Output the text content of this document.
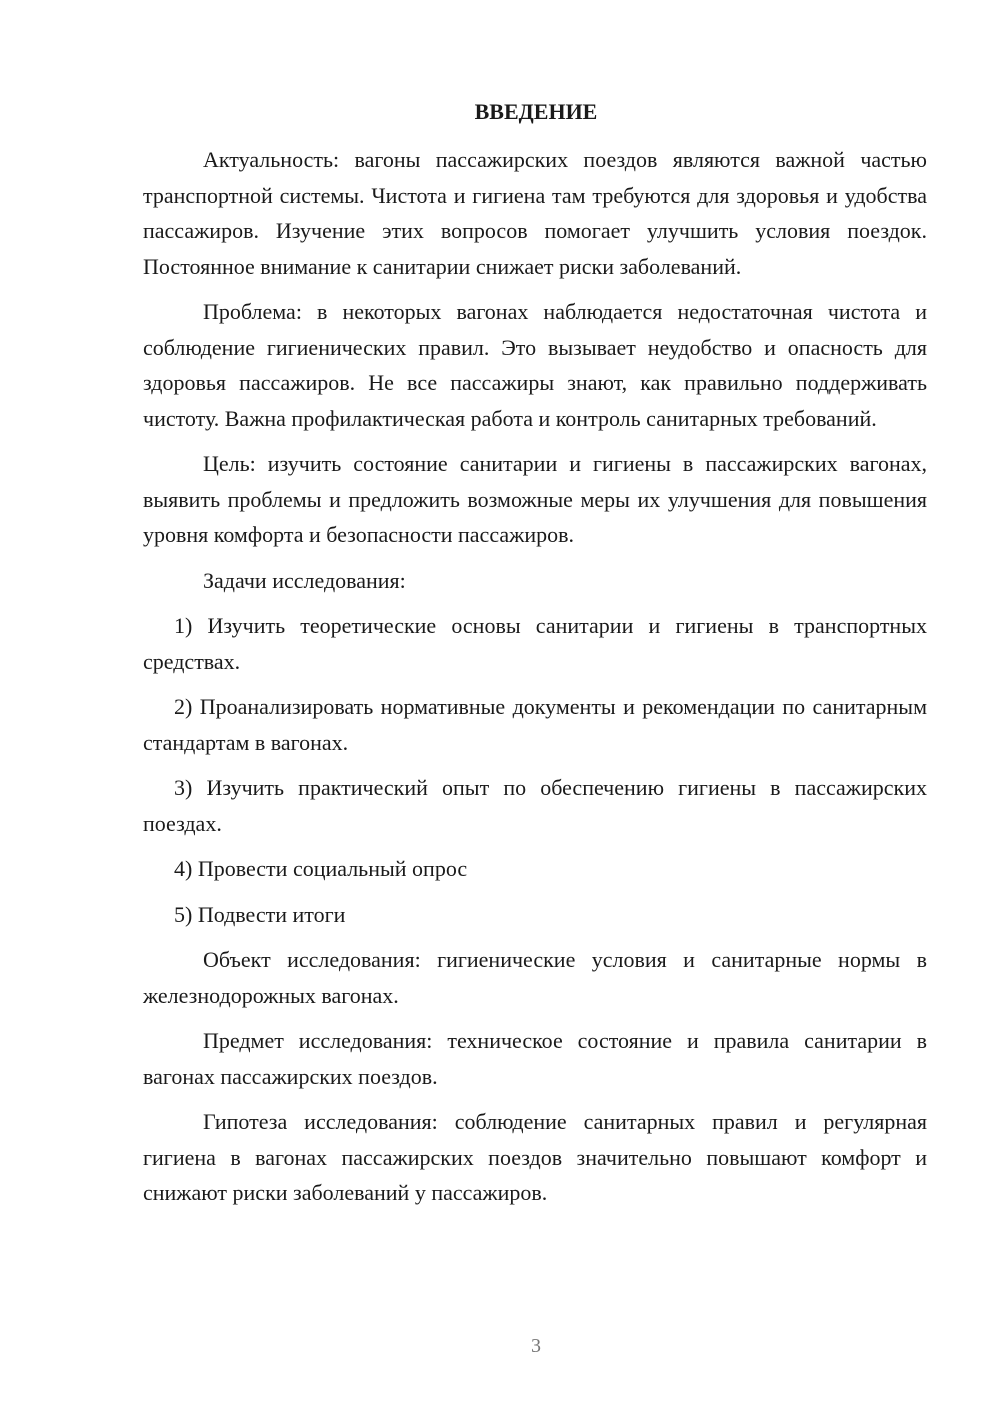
ВВЕДЕНИЕ

Актуальность: вагоны пассажирских поездов являются важной частью транспортной системы. Чистота и гигиена там требуются для здоровья и удобства пассажиров. Изучение этих вопросов помогает улучшить условия поездок. Постоянное внимание к санитарии снижает риски заболеваний.

Проблема: в некоторых вагонах наблюдается недостаточная чистота и соблюдение гигиенических правил. Это вызывает неудобство и опасность для здоровья пассажиров. Не все пассажиры знают, как правильно поддерживать чистоту. Важна профилактическая работа и контроль санитарных требований.

Цель: изучить состояние санитарии и гигиены в пассажирских вагонах, выявить проблемы и предложить возможные меры их улучшения для повышения уровня комфорта и безопасности пассажиров.

Задачи исследования:

1) Изучить теоретические основы санитарии и гигиены в транспортных средствах.

2) Проанализировать нормативные документы и рекомендации по санитарным стандартам в вагонах.

3) Изучить практический опыт по обеспечению гигиены в пассажирских поездах.

4) Провести социальный опрос

5) Подвести итоги

Объект исследования: гигиенические условия и санитарные нормы в железнодорожных вагонах.

Предмет исследования: техническое состояние и правила санитарии в вагонах пассажирских поездов.

Гипотеза исследования: соблюдение санитарных правил и регулярная гигиена в вагонах пассажирских поездов значительно повышают комфорт и снижают риски заболеваний у пассажиров.

3
